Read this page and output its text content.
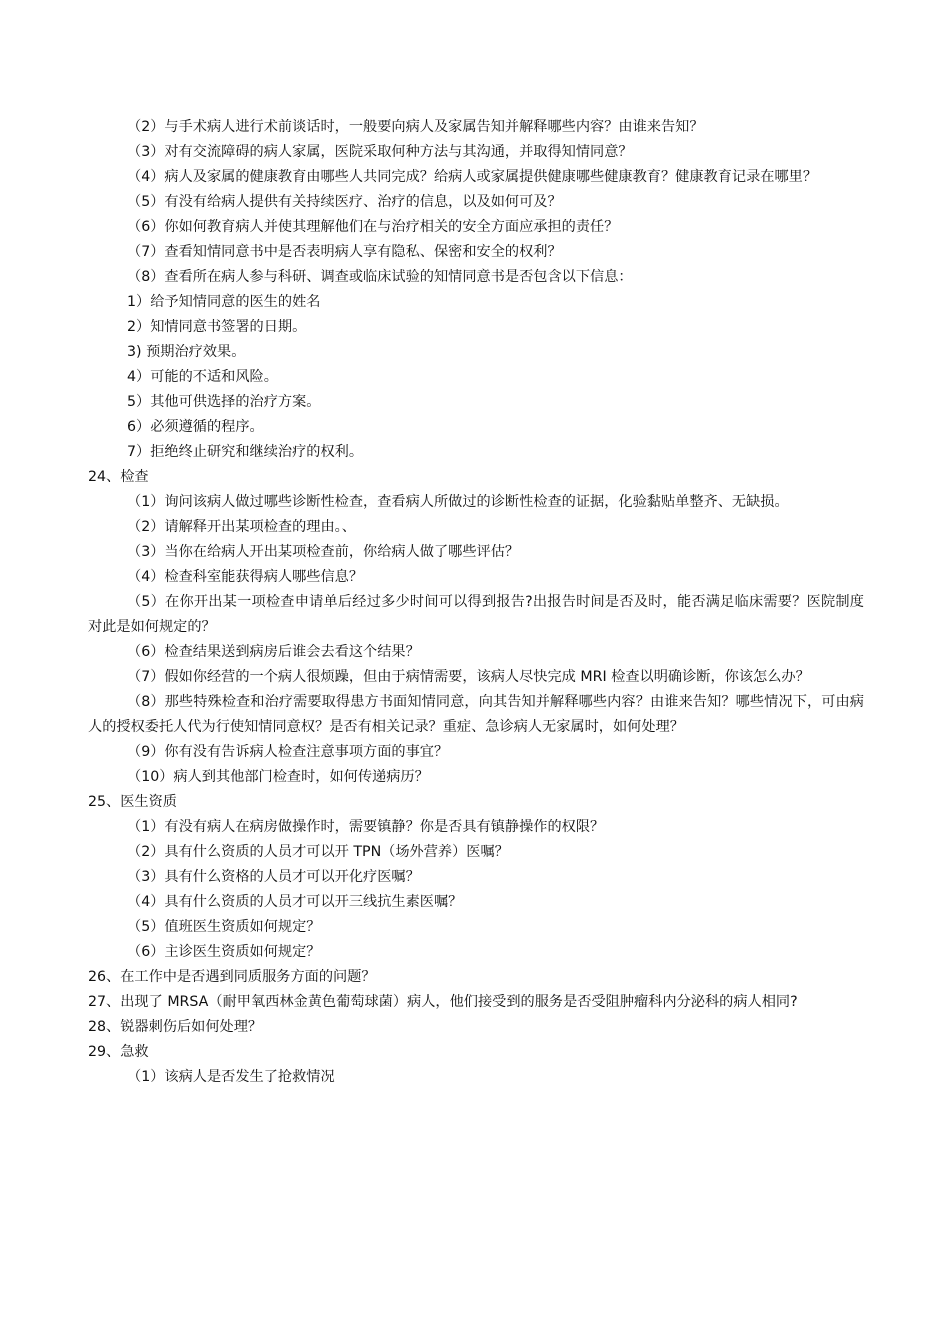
（2）与手术病人进行术前谈话时，一般要向病人及家属告知并解释哪些内容？由谁来告知？

（3）对有交流障碍的病人家属，医院采取何种方法与其沟通，并取得知情同意？

（4）病人及家属的健康教育由哪些人共同完成？给病人或家属提供健康哪些健康教育？健康教育记录在哪里？

（5）有没有给病人提供有关持续医疗、治疗的信息，以及如何可及？

（6）你如何教育病人并使其理解他们在与治疗相关的安全方面应承担的责任？

（7）查看知情同意书中是否表明病人享有隐私、保密和安全的权利？

（8）查看所在病人参与科研、调查或临床试验的知情同意书是否包含以下信息：

1）给予知情同意的医生的姓名

2）知情同意书签署的日期。

3) 预期治疗效果。

4）可能的不适和风险。

5）其他可供选择的治疗方案。

6）必须遵循的程序。

7）拒绝终止研究和继续治疗的权利。

24、检查

（1）询问该病人做过哪些诊断性检查，查看病人所做过的诊断性检查的证据，化验黏贴单整齐、无缺损。

（2）请解释开出某项检查的理由。、

（3）当你在给病人开出某项检查前，你给病人做了哪些评估？

（4）检查科室能获得病人哪些信息？

（5）在你开出某一项检查申请单后经过多少时间可以得到报告?出报告时间是否及时，能否满足临床需要？医院制度对此是如何规定的？

（6）检查结果送到病房后谁会去看这个结果？

（7）假如你经营的一个病人很烦躁，但由于病情需要，该病人尽快完成 MRI 检查以明确诊断，你该怎么办？

（8）那些特殊检查和治疗需要取得患方书面知情同意，向其告知并解释哪些内容？由谁来告知？哪些情况下，可由病人的授权委托人代为行使知情同意权？是否有相关记录？重症、急诊病人无家属时，如何处理？

（9）你有没有告诉病人检查注意事项方面的事宜？

（10）病人到其他部门检查时，如何传递病历？

25、医生资质

（1）有没有病人在病房做操作时，需要镇静？你是否具有镇静操作的权限？

（2）具有什么资质的人员才可以开 TPN（场外营养）医嘱？

（3）具有什么资格的人员才可以开化疗医嘱？

（4）具有什么资质的人员才可以开三线抗生素医嘱？

（5）值班医生资质如何规定？

（6）主诊医生资质如何规定？

26、在工作中是否遇到同质服务方面的问题？

27、出现了 MRSA（耐甲氧西林金黄色葡萄球菌）病人，他们接受到的服务是否受阻肿瘤科内分泌科的病人相同?

28、锐器刺伤后如何处理？

29、急救

（1）该病人是否发生了抢救情况
